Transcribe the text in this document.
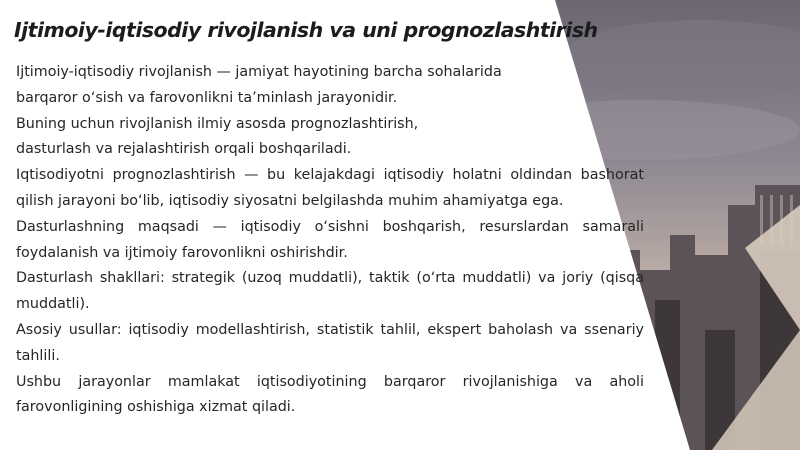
Ijtimoiy-iqtisodiy rivojlanish va uni prognozlashtirish

Ijtimoiy-iqtisodiy rivojlanish — jamiyat hayotining barcha sohalarida
barqaror o‘sish va farovonlikni ta’minlash jarayonidir.

Buning uchun rivojlanish ilmiy asosda prognozlashtirish,
dasturlash va rejalashtirish orqali boshqariladi.

Iqtisodiyotni prognozlashtirish — bu kelajakdagi iqtisodiy holatni oldindan bashorat qilish jarayoni bo‘lib, iqtisodiy siyosatni belgilashda muhim ahamiyatga ega.

Dasturlashning maqsadi — iqtisodiy o‘sishni boshqarish, resurslardan samarali foydalanish va ijtimoiy farovonlikni oshirishdir.

Dasturlash shakllari: strategik (uzoq muddatli), taktik (o‘rta muddatli) va joriy (qisqa muddatli).

Asosiy usullar: iqtisodiy modellashtirish, statistik tahlil, ekspert baholash va ssenariy tahlili.

Ushbu jarayonlar mamlakat iqtisodiyotining barqaror rivojlanishiga va aholi farovonligining oshishiga xizmat qiladi.
